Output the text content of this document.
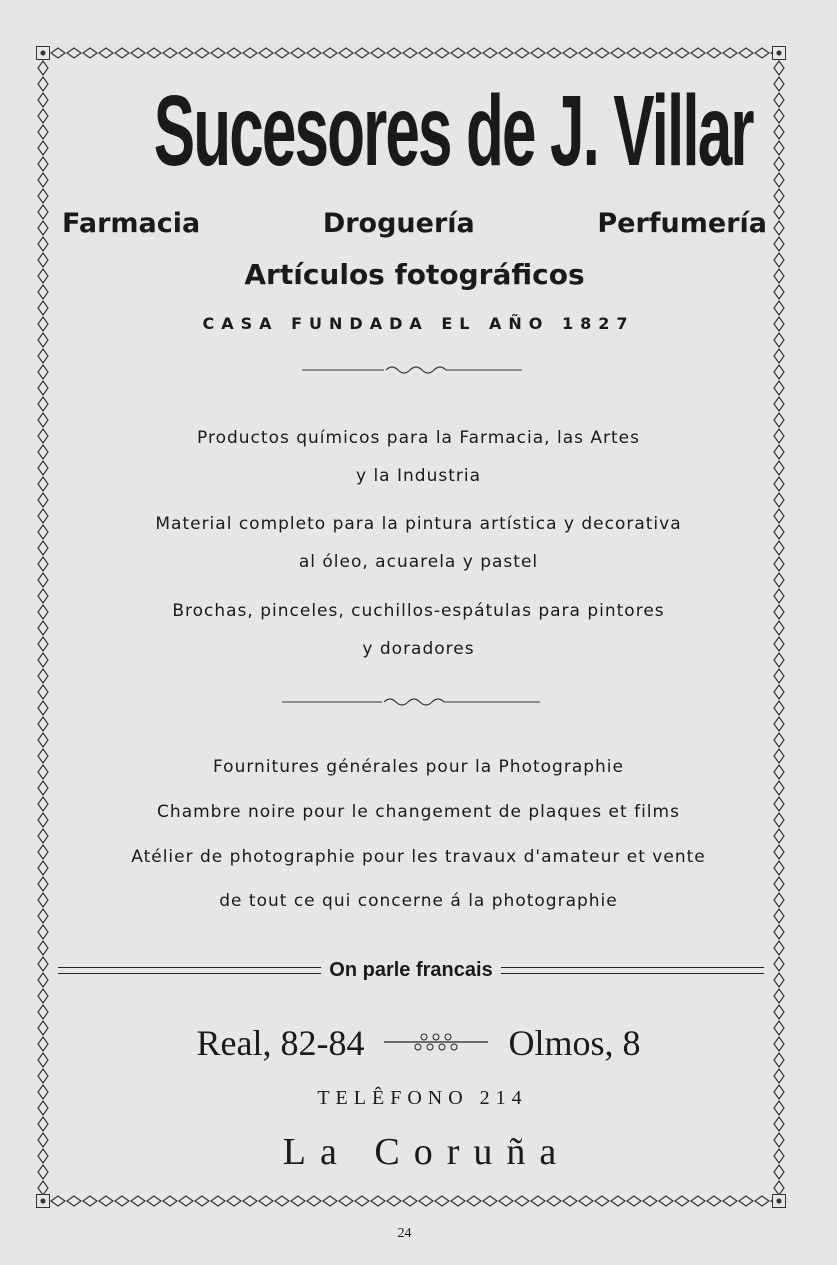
Sucesores de J. Villar
Farmacia	Droguería	Perfumería
Artículos fotográficos
CASA FUNDADA EL AÑO 1827
Productos químicos para la Farmacia, las Artes
y la Industria
Material completo para la pintura artística y decorativa
al óleo, acuarela y pastel
Brochas, pinceles, cuchillos-espátulas para pintores
y doradores
Fournitures générales pour la Photographie
Chambre noire pour le changement de plaques et films
Atélier de photographie pour les travaux d'amateur et vente
de tout ce qui concerne á la photographie
On parle francais
Real, 82-84	Olmos, 8
TELÊFONO 214
La Coruña
24
